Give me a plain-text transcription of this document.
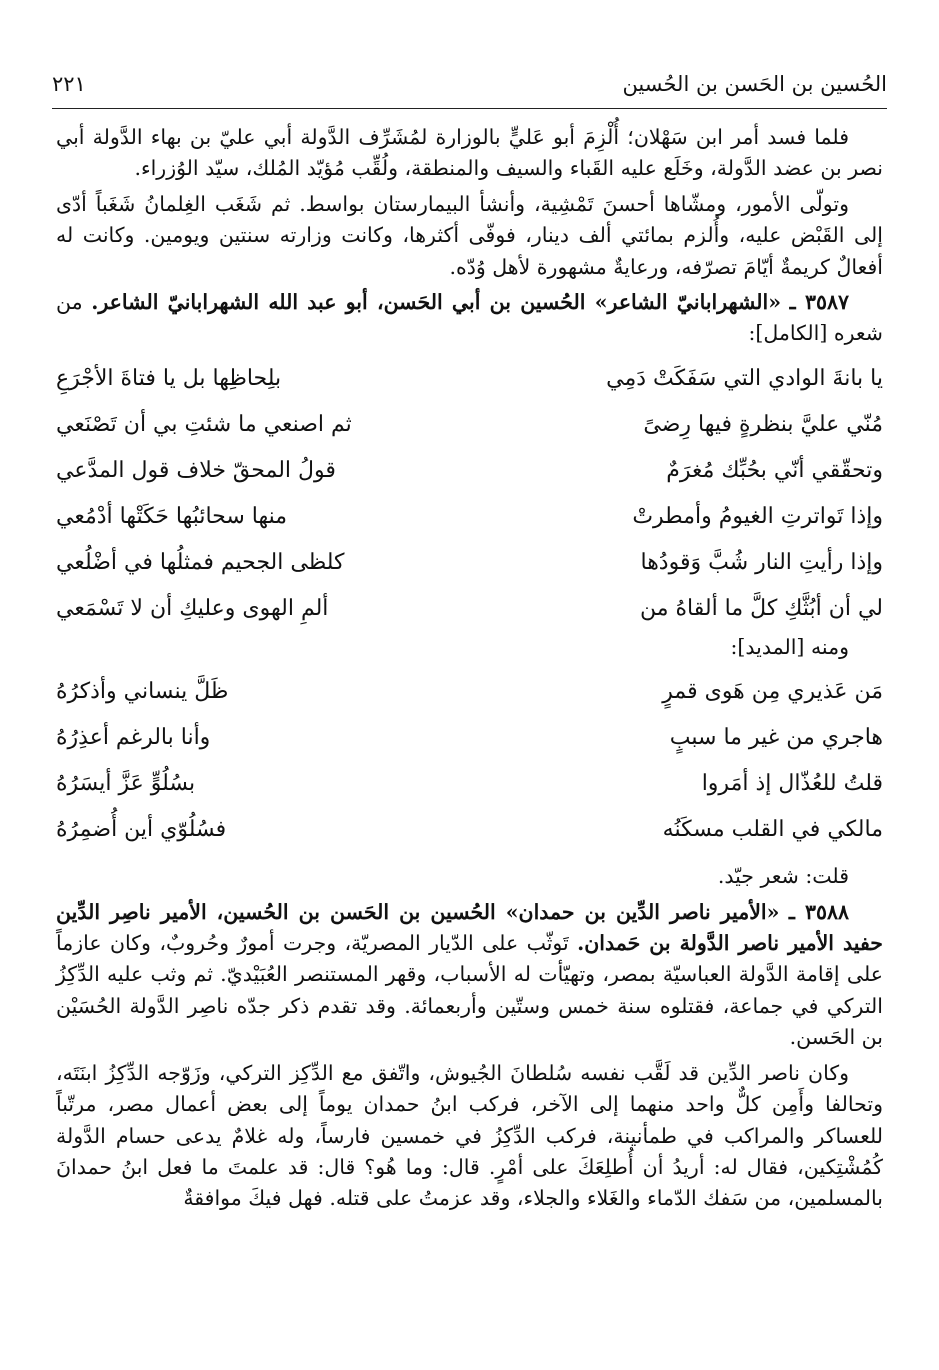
الحُسين بن الحَسن بن الحُسين
٢٢١

فلما فسد أمر ابن سَهْلان؛ أُلْزِمَ أبو عَليٍّ بالوزارة لمُشَرِّف الدَّولة أبي عليّ بن بهاء الدَّولة أبي نصر بن عضد الدَّولة، وخَلَع عليه القَباء والسيف والمنطقة، ولُقِّب مُؤيّد المُلك، سيّد الوُزراء.

وتولّى الأمور، ومشّاها أحسنَ تَمْشِية، وأنشأ البيمارستان بواسط. ثم شَغَب الغِلمانُ شَغَباً أدّى إلى القَبْض عليه، وأُلزم بمائتي ألف دينار، فوفّى أكثرها، وكانت وزارته سنتين ويومين. وكانت له أفعالٌ كريمةٌ أيّامَ تصرّفه، ورعايةٌ مشهورة لأهل وُدّه.

٣٥٨٧ ـ «الشهرابانيّ الشاعر» الحُسين بن أبي الحَسن، أبو عبد الله الشهرابانيّ الشاعر. من شعره [الكامل]:

يا بانةَ الوادي التي سَفَكَتْ دَمِي
بلِحاظِها بل يا فتاةَ الأجْرَعِ
مُنّي عليَّ بنظرةٍ فيها رِضىً
ثم اصنعي ما شئتِ بي أن تَصْنَعي
وتحقّقي أنّي بحُبِّك مُغرَمٌ
قولُ المحقّ خلاف قول المدَّعي
وإذا تَواترتِ الغيومُ وأمطرتْ
منها سحائبُها حَكَتْها أدْمُعي
وإذا رأيتِ النار شُبَّ وَقودُها
كلظى الجحيم فمثلُها في أضْلُعي
لي أن أبُثَّكِ كلَّ ما ألقاهُ من
ألمِ الهوى وعليكِ أن لا تَسْمَعي

ومنه [المديد]:

مَن عَذيري مِن هَوى قمرٍ
ظَلَّ ينساني وأذكرُهُ
هاجري من غير ما سببٍ
وأنا بالرغم أعذِرُهُ
قلتُ للعُذّال إذ أمَروا
بسُلُوٍّ عَزَّ أيسَرُهُ
مالكي في القلب مسكَنُه
فسُلُوّي أين أُضمِرُهُ

قلت: شعر جيّد.

٣٥٨٨ ـ «الأمير ناصر الدِّين بن حمدان» الحُسين بن الحَسن بن الحُسين، الأمير ناصِر الدِّين حفيد الأمير ناصر الدَّولة بن حَمدان. تَوثّب على الدّيار المصريّة، وجرت أمورٌ وحُروبٌ، وكان عازماً على إقامة الدَّولة العباسيّة بمصر، وتهيّأت له الأسباب، وقهر المستنصر العُبَيْديّ. ثم وثب عليه الدِّكِزُ التركي في جماعة، فقتلوه سنة خمس وستّين وأربعمائة. وقد تقدم ذكر جدّه ناصِر الدَّولة الحُسَيْن بن الحَسن.

وكان ناصر الدِّين قد لَقَّب نفسه سُلطانَ الجُيوش، واتّفق مع الدِّكِز التركي، وزَوّجه الدِّكِزُ ابنَتَه، وتحالفا وأَمِن كلٌّ واحد منهما إلى الآخر، فركب ابنُ حمدان يوماً إلى بعض أعمال مصر، مرتّباً للعساكر والمراكب في طمأنينة، فركب الدِّكِزُ في خمسين فارساً، وله غلامٌ يدعى حسام الدَّولة كُمُشْتِكين، فقال له: أريدُ أن أُطلِعَكَ على أمْرٍ. قال: وما هُو؟ قال: قد علمتَ ما فعل ابنُ حمدانَ بالمسلمين، من سَفك الدّماء والغَلاء والجلاء، وقد عزمتُ على قتله. فهل فيكَ موافقةٌ
